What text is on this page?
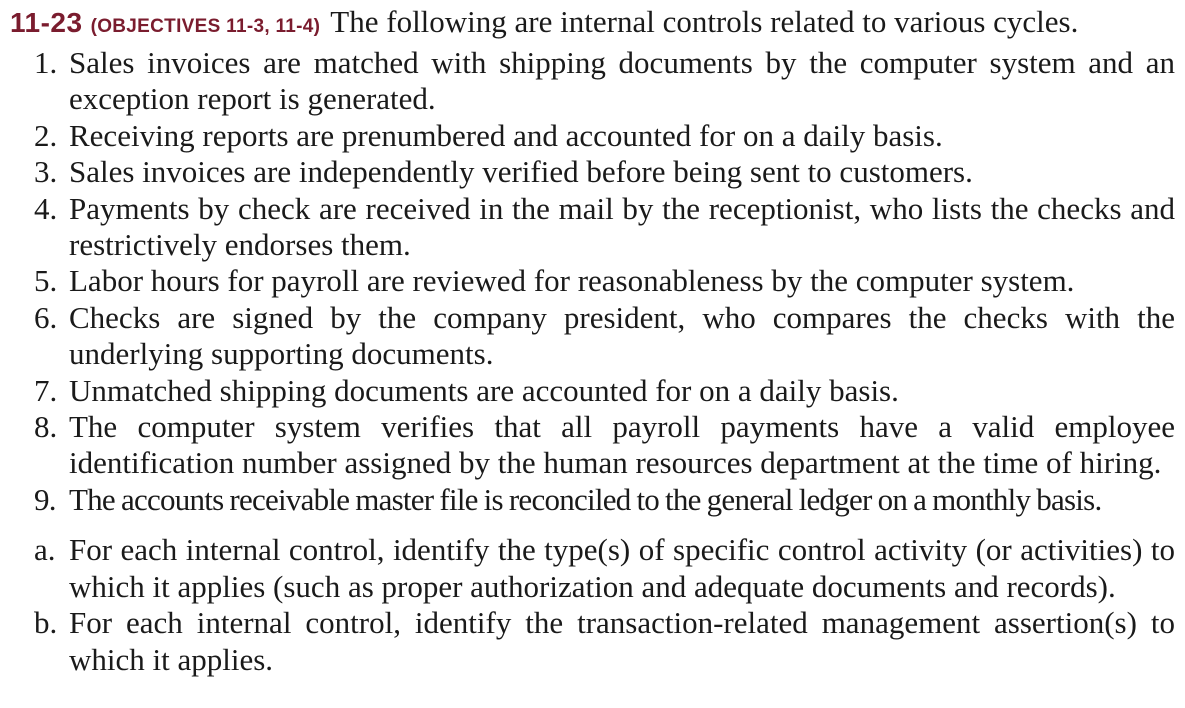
11-23 (OBJECTIVES 11-3, 11-4) The following are internal controls related to various cycles.
1. Sales invoices are matched with shipping documents by the computer system and an exception report is generated.
2. Receiving reports are prenumbered and accounted for on a daily basis.
3. Sales invoices are independently verified before being sent to customers.
4. Payments by check are received in the mail by the receptionist, who lists the checks and restrictively endorses them.
5. Labor hours for payroll are reviewed for reasonableness by the computer system.
6. Checks are signed by the company president, who compares the checks with the underlying supporting documents.
7. Unmatched shipping documents are accounted for on a daily basis.
8. The computer system verifies that all payroll payments have a valid employee identification number assigned by the human resources department at the time of hiring.
9. The accounts receivable master file is reconciled to the general ledger on a monthly basis.
a. For each internal control, identify the type(s) of specific control activity (or activities) to which it applies (such as proper authorization and adequate documents and records).
b. For each internal control, identify the transaction-related management assertion(s) to which it applies.
